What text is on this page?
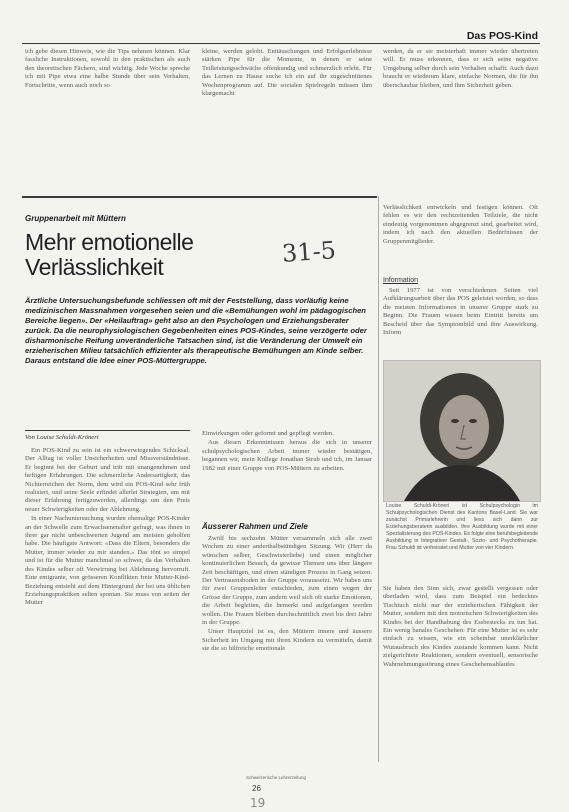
Das POS-Kind

ich gebe diesen Hinweis, wie die Tips nehmen können. Klar fassliche Instruktionen, sowohl in den praktischen als auch den theoretischen Fächern, sind wichtig. Jede Woche spreche ich mit Pipe etwa eine halbe Stunde über sein Verhalten, Fortschritte, wenn auch noch so

kleine, werden gelobt. Enttäuschungen und Erfolgserlebnisse stärken Pipe für die Momente, in denen er seine Teilleistungsschwäche offenkundig und schmerzlich erlebt. Für das Lernen zu Hause suche ich ein auf ihr zugeschnittenes Wochenprogramm auf. Die sozialen Spielregeln müssen ihm klargemacht

werden, da er sie meisterhaft immer wieder übertreten will. Er muss erkennen, dass er sich seine negative Umgebung selber durch sein Verhalten schafft. Auch dazu braucht er wiederum klare, einfache Normen, die für ihn überschaubar bleiben, und ihm Sicherheit geben.

Gruppenarbeit mit Müttern
Mehr emotionelle Verlässlichkeit	31-5
Ärztliche Untersuchungsbefunde schliessen oft mit der Feststellung, dass vorläufig keine medizinischen Massnahmen vorgesehen seien und die «Bemühungen wohl im pädagogischen Bereiche liegen». Der «Heilauftrag» geht also an den Psychologen und Erziehungsberater zurück. Da die neurophysiologischen Gegebenheiten eines POS-Kindes, seine verzögerte oder disharmonische Reifung unveränderliche Tatsachen sind, ist die Veränderung der Umwelt ein erzieherischen Milieu tatsächlich effizienter als therapeutische Bemühungen am Kinde selber. Daraus entstand die Idee einer POS-Müttergruppe.
Von Louise Schuldi-Kröneri

Ein POS-Kind zu sein ist ein schwerwiegendes Schicksal. Der Alltag ist voller Unsicherheiten und Missverständnisse. Er beginnt bei der Geburt und tritt mit unangenehmen und heftigen Erfahrungen. Die schmerzliche Andersartigkeit, das Nichterreichen der Norm, dem wird ein POS-Kind sehr früh realisiert, und seine Seele erfindet allerlei Strategien, um mit dieser Erfahrung fertigzuwerden, allerdings um den Preis neuer Schwierigkeiten oder der Ablehnung.

In einer Nachuntersuchung wurden ehemalige POS-Kinder an der Schwelle zum Erwachsenenalter gefragt, was ihnen in ihrer gar nicht unbeschwerten Jugend am meisten geholfen habe. Die häufigste Antwort: «Dass die Eltern, besonders die Mutter, immer wieder zu mir standen.» Das tönt so simpel und ist für die Mutter manchmal so schwer, da das Verhalten des Kindes selber oft Verwirrung bei Ablehnung hervorruft. Eine emigrante, von grösseren Konflikten freie Mutter-Kind-Beziehung entsteht auf dem Hintergrund der bei uns üblichen Erziehungspraktiken selten spontan. Sie muss von seiten der Mutter

Einwirkungen oder geformt und gepflegt werden.

Aus diesen Erkenntnissen heraus die sich in unserer schulpsychologischen Arbeit immer wieder bestätigen, begannen wir, mein Kollege Jonathan Strub und ich, im Januar 1982 mit einer Gruppe von POS-Müttern zu arbeiten.

Äusserer Rahmen und Ziele

Zwölf bis sechzehn Mütter versammeln sich alle zwei Wochen zu einer anderthalbstündigen Sitzung. Wir (Herr da wünschen selber, Geschwisterliebe) und einen möglicher kontinuierlichen Besuch, da gewisse Themen uns über längere Zeit beschäftigen, und einen ständigen Prozess in Gang setzen. Der Vertrauensboden in der Gruppe voraussetzt. Wir haben uns für zwei Gruppenleiter entschieden, zum einen wegen der Grösse der Gruppe, zum andern weil sich oft starke Emotionen, die Arbeit begleiten, die bemerkt und aufgefangen werden wollen. Die Frauen bleiben durchschnittlich zwei bis drei Jahre in der Gruppe.

Unser Hauptziel ist es, den Müttern innere und äussere Sicherheit im Umgang mit ihren Kindern zu vermitteln, damit sie die so hilfreiche emotionale

Verlässlichkeit entwickeln und festigen können. Oft fehlen es wir den rechtzeitenden Teilziele, die nicht eindeutig vorgenommen abgegrenzt sind, gearbeitet wird, indem ich nach den aktuellen Bedürfnissen der Gruppenmitglieder.

Information

Seit 1977 ist von verschiedenen Seiten viel Aufklärungsarbeit über das POS geleistet worden, so dass die meisten Informationen in unserer Gruppe stark zu Beginn. Die Frauen wissen beim Eintritt bereits um Bescheid über das Symptombild und ihre Auswirkung. Inform

Louise Schuldi-Kröneri ist Schulpsychologin im Schulpsychologischen Dienst des Kantons Basel-Land. Sie war zunächst Primarlehrerin und liess sich dann zur Erziehungsberaterin ausbilden. Ihre Ausbildung wurde mit einer Spezialisierung des POS-Kindes. Es folgte eine berufsbegleitende Ausbildung in Integrativer Gestalt-, Sozio- und Psychotherapie. Frau Schuldi ist verheiratet und Mutter von vier Kindern.

Sie haben den Sinn sich, zwar gestellt vergessen oder überladen wird, dass zum Beispiel ein bedecktes Tischtuch nicht nur der erzieherischen Fähigkeit der Mutter, sondern mit den motorischen Schwierigkeiten des Kindes bei der Handhabung des Essbestecks zu tun hat. Ein wenig banales Geschehen: Für eine Mutter ist es sehr einfach zu wissen, wie ein scheinbar unerklärlicher Wutausbruch des Kindes zustande kommen kann. Nicht zielgerichtete Reaktionen, sondern eventuell, sensorische Wahrnehmungsstörung eines Geschehensablaufes

Schweizerische Lehrerzeitung
26
19
